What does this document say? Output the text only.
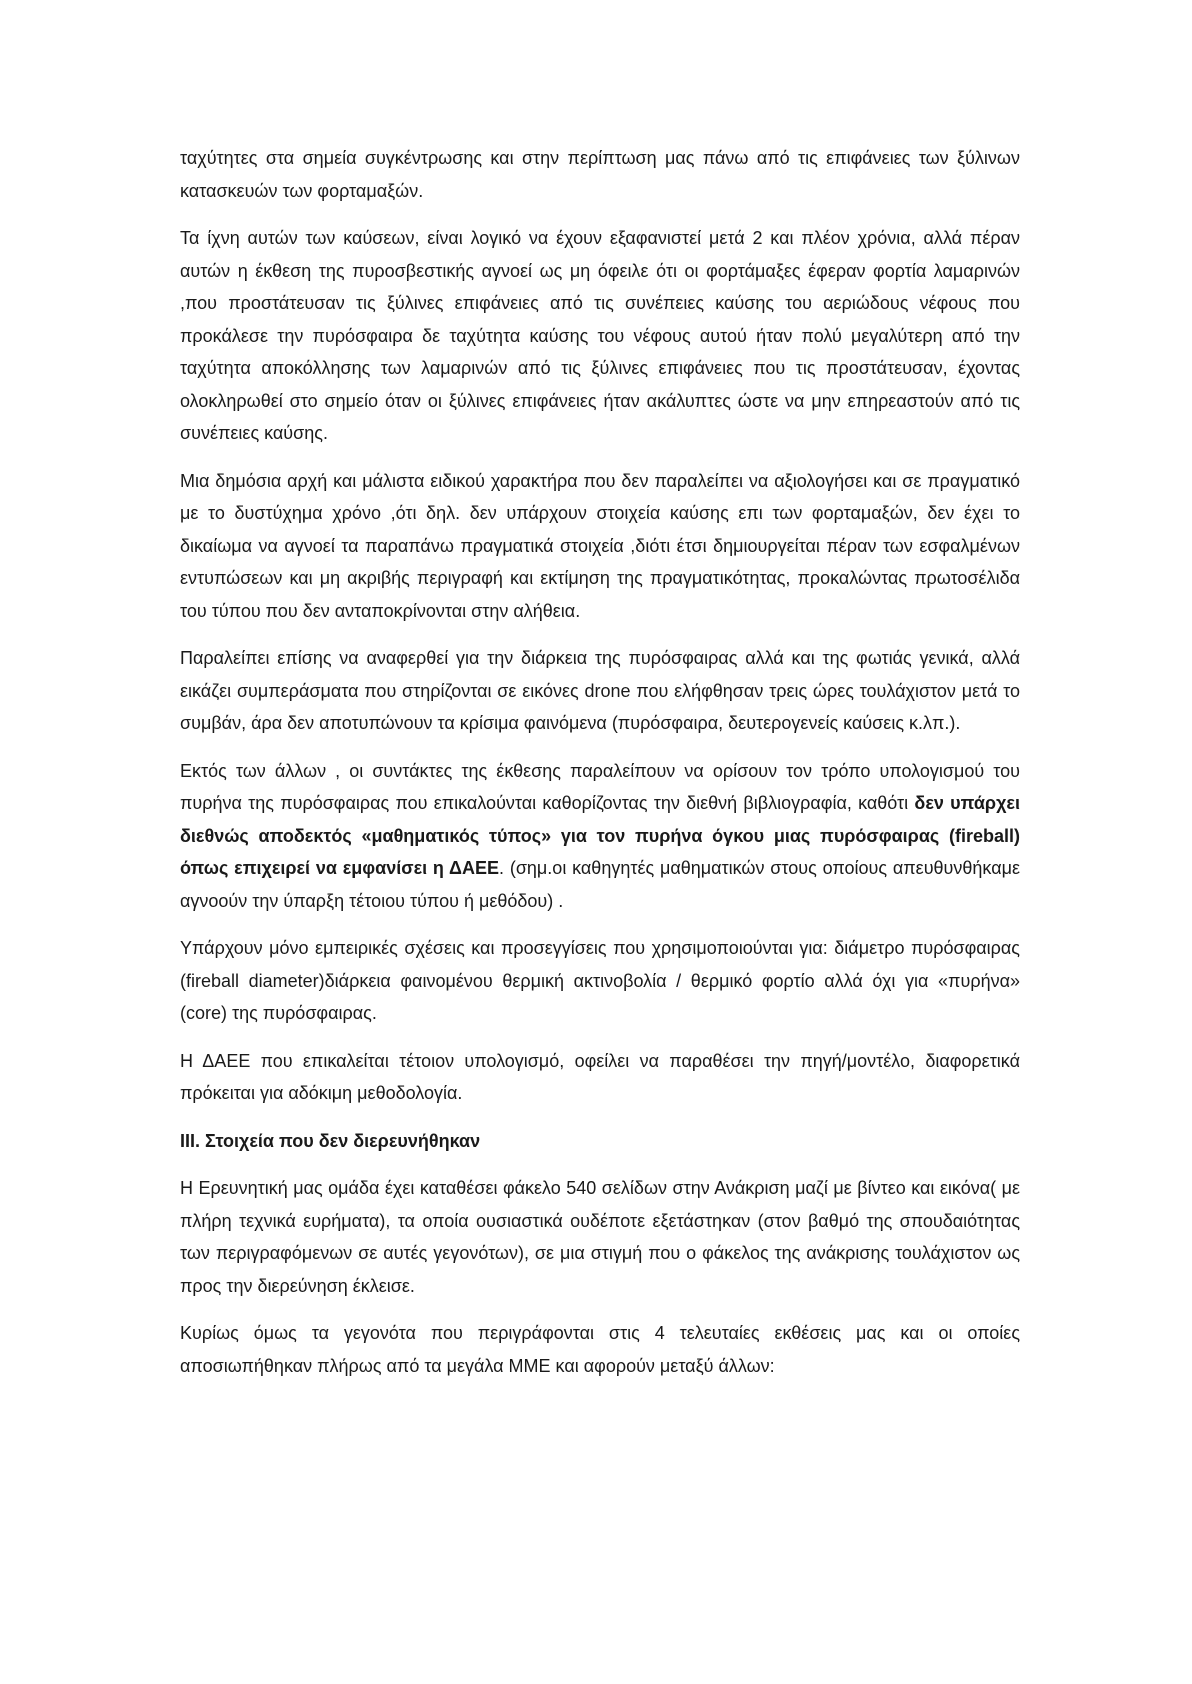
ταχύτητες στα σημεία συγκέντρωσης και στην περίπτωση μας πάνω από τις επιφάνειες των ξύλινων κατασκευών των φορταμαξών.

Τα ίχνη αυτών των καύσεων, είναι λογικό να έχουν εξαφανιστεί μετά 2 και πλέον χρόνια, αλλά πέραν αυτών η έκθεση της πυροσβεστικής αγνοεί ως μη όφειλε ότι οι φορτάμαξες έφεραν φορτία λαμαρινών ,που προστάτευσαν τις ξύλινες επιφάνειες από τις συνέπειες καύσης του αεριώδους νέφους που προκάλεσε την πυρόσφαιρα δε ταχύτητα καύσης του νέφους αυτού ήταν πολύ μεγαλύτερη από την ταχύτητα αποκόλλησης των λαμαρινών από τις ξύλινες επιφάνειες που τις προστάτευσαν, έχοντας ολοκληρωθεί στο σημείο όταν οι ξύλινες επιφάνειες ήταν ακάλυπτες ώστε να μην επηρεαστούν από τις συνέπειες καύσης.

Μια δημόσια αρχή και μάλιστα ειδικού χαρακτήρα που δεν παραλείπει να αξιολογήσει και σε πραγματικό με το δυστύχημα χρόνο ,ότι δηλ. δεν υπάρχουν στοιχεία καύσης επι των φορταμαξών, δεν έχει το δικαίωμα να αγνοεί τα παραπάνω πραγματικά στοιχεία ,διότι έτσι δημιουργείται πέραν των εσφαλμένων εντυπώσεων και μη ακριβής περιγραφή και εκτίμηση της πραγματικότητας, προκαλώντας πρωτοσέλιδα του τύπου που δεν ανταποκρίνονται στην αλήθεια.

Παραλείπει επίσης να αναφερθεί για την διάρκεια της πυρόσφαιρας αλλά και της φωτιάς γενικά, αλλά εικάζει συμπεράσματα που στηρίζονται σε εικόνες drone που ελήφθησαν τρεις ώρες τουλάχιστον μετά το συμβάν, άρα δεν αποτυπώνουν τα κρίσιμα φαινόμενα (πυρόσφαιρα, δευτερογενείς καύσεις κ.λπ.).

Εκτός των άλλων , οι συντάκτες της έκθεσης παραλείπουν να ορίσουν τον τρόπο υπολογισμού του πυρήνα της πυρόσφαιρας που επικαλούνται καθορίζοντας την διεθνή βιβλιογραφία, καθότι δεν υπάρχει διεθνώς αποδεκτός «μαθηματικός τύπος» για τον πυρήνα όγκου μιας πυρόσφαιρας (fireball) όπως επιχειρεί να εμφανίσει η ΔΑΕΕ. (σημ.οι καθηγητές μαθηματικών στους οποίους απευθυνθήκαμε αγνοούν την ύπαρξη τέτοιου τύπου ή μεθόδου) .

Υπάρχουν μόνο εμπειρικές σχέσεις και προσεγγίσεις που χρησιμοποιούνται για: διάμετρο πυρόσφαιρας (fireball diameter)διάρκεια φαινομένου θερμική ακτινοβολία / θερμικό φορτίο αλλά όχι για «πυρήνα» (core) της πυρόσφαιρας.

Η ΔΑΕΕ που επικαλείται τέτοιον υπολογισμό, οφείλει να παραθέσει την πηγή/μοντέλο, διαφορετικά πρόκειται για αδόκιμη μεθοδολογία.

III. Στοιχεία που δεν διερευνήθηκαν

Η Ερευνητική μας ομάδα έχει καταθέσει φάκελο 540 σελίδων στην Ανάκριση μαζί με βίντεο και εικόνα( με πλήρη τεχνικά ευρήματα), τα οποία ουσιαστικά ουδέποτε εξετάστηκαν (στον βαθμό της σπουδαιότητας των περιγραφόμενων σε αυτές γεγονότων), σε μια στιγμή που ο φάκελος της ανάκρισης τουλάχιστον ως προς την διερεύνηση έκλεισε.

Κυρίως όμως τα γεγονότα που περιγράφονται στις 4 τελευταίες εκθέσεις μας και οι οποίες αποσιωπήθηκαν πλήρως από τα μεγάλα ΜΜΕ και αφορούν μεταξύ άλλων:
